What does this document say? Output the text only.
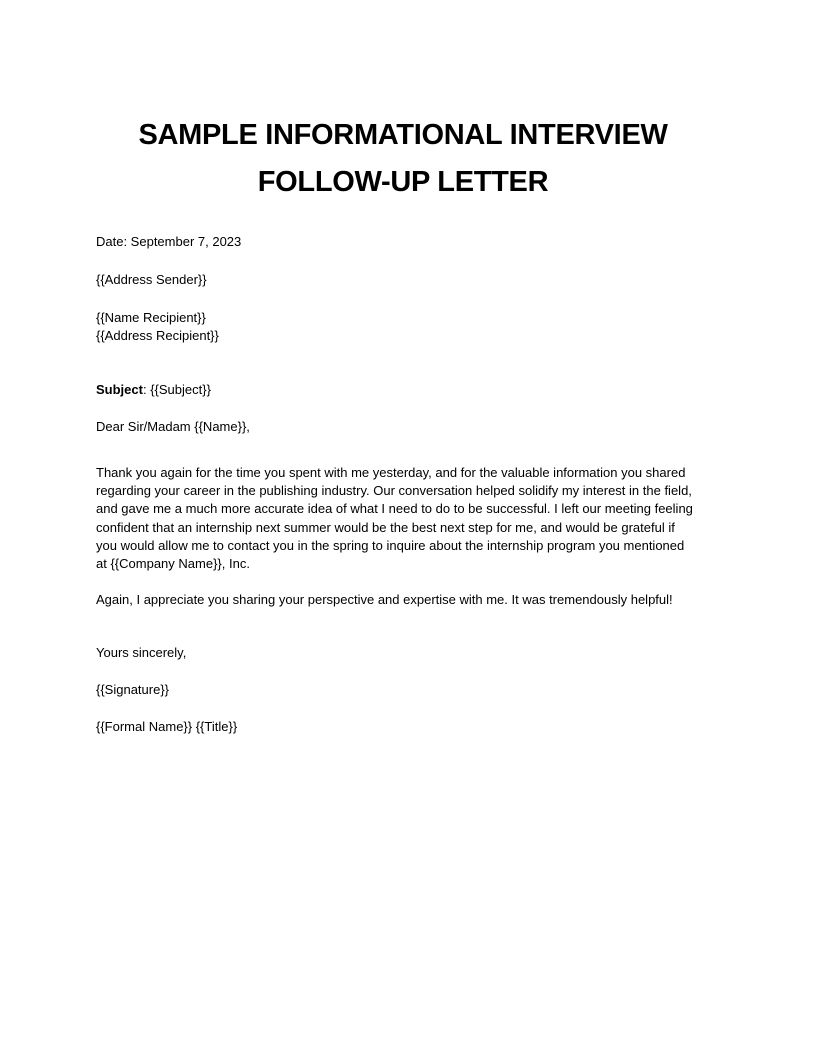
SAMPLE INFORMATIONAL INTERVIEW
FOLLOW-UP LETTER
Date: September 7, 2023
{{Address Sender}}
{{Name Recipient}}
{{Address Recipient}}
Subject: {{Subject}}
Dear Sir/Madam {{Name}},
Thank you again for the time you spent with me yesterday, and for the valuable information you shared
regarding your career in the publishing industry. Our conversation helped solidify my interest in the field,
and gave me a much more accurate idea of what I need to do to be successful. I left our meeting feeling
confident that an internship next summer would be the best next step for me, and would be grateful if
you would allow me to contact you in the spring to inquire about the internship program you mentioned
at {{Company Name}}, Inc.
Again, I appreciate you sharing your perspective and expertise with me. It was tremendously helpful!
Yours sincerely,
{{Signature}}
{{Formal Name}} {{Title}}
